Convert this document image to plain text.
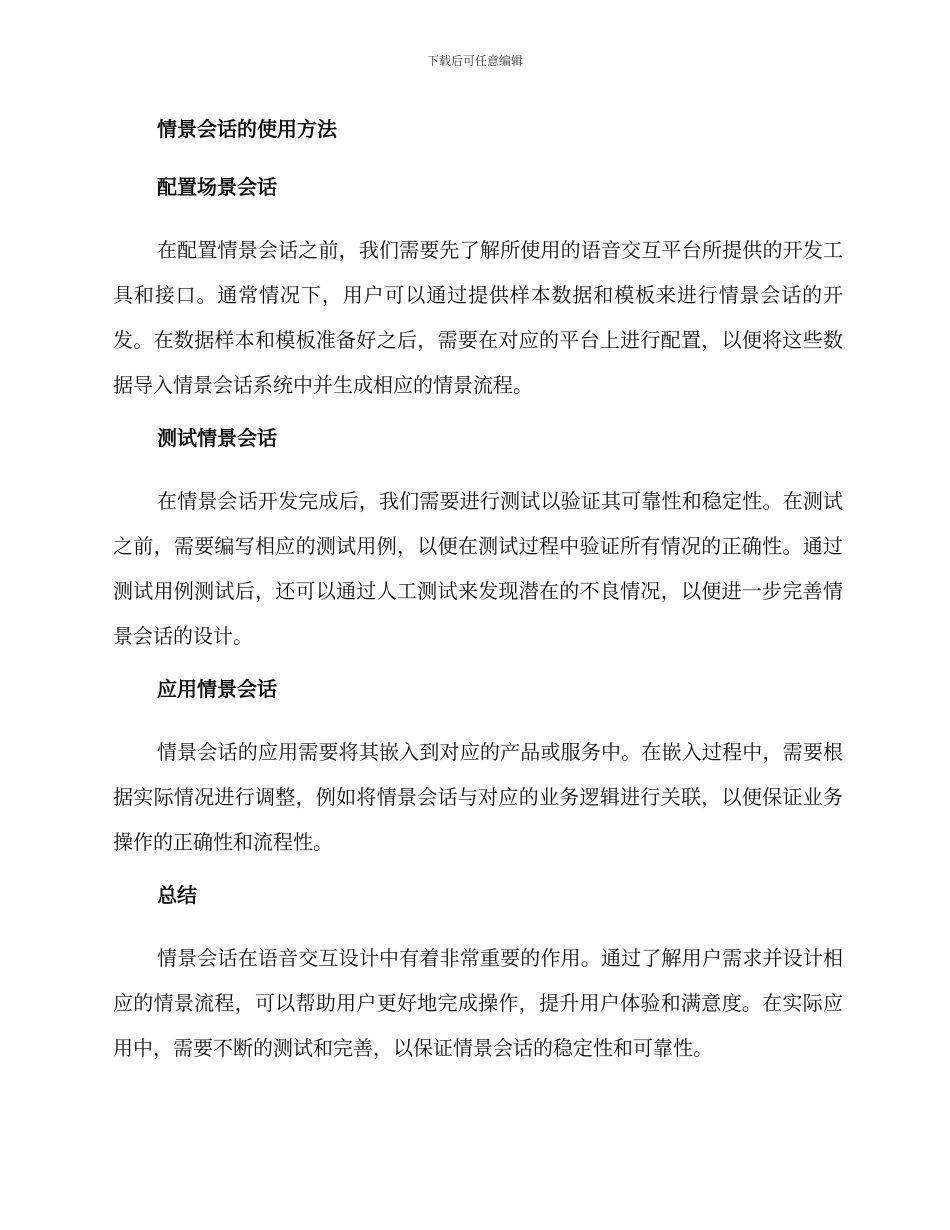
下载后可任意编辑
情景会话的使用方法
配置场景会话

在配置情景会话之前，我们需要先了解所使用的语音交互平台所提供的开发工具和接口。通常情况下，用户可以通过提供样本数据和模板来进行情景会话的开发。在数据样本和模板准备好之后，需要在对应的平台上进行配置，以便将这些数据导入情景会话系统中并生成相应的情景流程。

测试情景会话

在情景会话开发完成后，我们需要进行测试以验证其可靠性和稳定性。在测试之前，需要编写相应的测试用例，以便在测试过程中验证所有情况的正确性。通过测试用例测试后，还可以通过人工测试来发现潜在的不良情况，以便进一步完善情景会话的设计。

应用情景会话

情景会话的应用需要将其嵌入到对应的产品或服务中。在嵌入过程中，需要根据实际情况进行调整，例如将情景会话与对应的业务逻辑进行关联，以便保证业务操作的正确性和流程性。

总结

情景会话在语音交互设计中有着非常重要的作用。通过了解用户需求并设计相应的情景流程，可以帮助用户更好地完成操作，提升用户体验和满意度。在实际应用中，需要不断的测试和完善，以保证情景会话的稳定性和可靠性。
